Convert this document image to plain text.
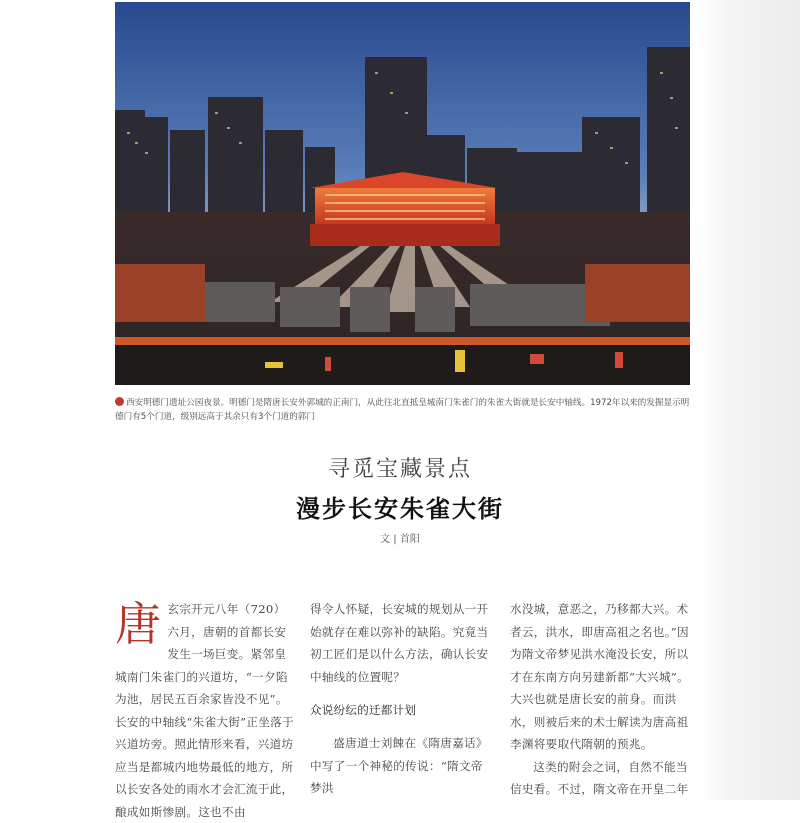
西安明德门遗址公园夜景。明德门是隋唐长安外郭城的正南门，从此往北直抵皇城南门朱雀门的朱雀大街就是长安中轴线。1972年以来的发掘显示明德门有5个门道，级别远高于其余只有3个门道的郭门
寻觅宝藏景点
漫步长安朱雀大街
文 | 首阳
唐 玄宗开元八年（720）六月，唐朝的首都长安发生一场巨变。紧邻皇城南门朱雀门的兴道坊，“一夕陷为池，居民五百余家皆没不见”。长安的中轴线“朱雀大街”正坐落于兴道坊旁。照此情形来看，兴道坊应当是都城内地势最低的地方，所以长安各处的雨水才会汇流于此，酿成如斯惨剧。这也不由

得令人怀疑，长安城的规划从一开始就存在难以弥补的缺陷。究竟当初工匠们是以什么方法，确认长安中轴线的位置呢？

众说纷纭的迁都计划

盛唐道士刘餗在《隋唐嘉话》中写了一个神秘的传说：“隋文帝梦洪

水没城，意恶之，乃移都大兴。术者云，洪水，即唐高祖之名也。”因为隋文帝梦见洪水淹没长安，所以才在东南方向另建新都“大兴城”。大兴也就是唐长安的前身。而洪水，则被后来的术士解读为唐高祖李渊将要取代隋朝的预兆。

这类的附会之词，自然不能当信史看。不过，隋文帝在开皇二年
